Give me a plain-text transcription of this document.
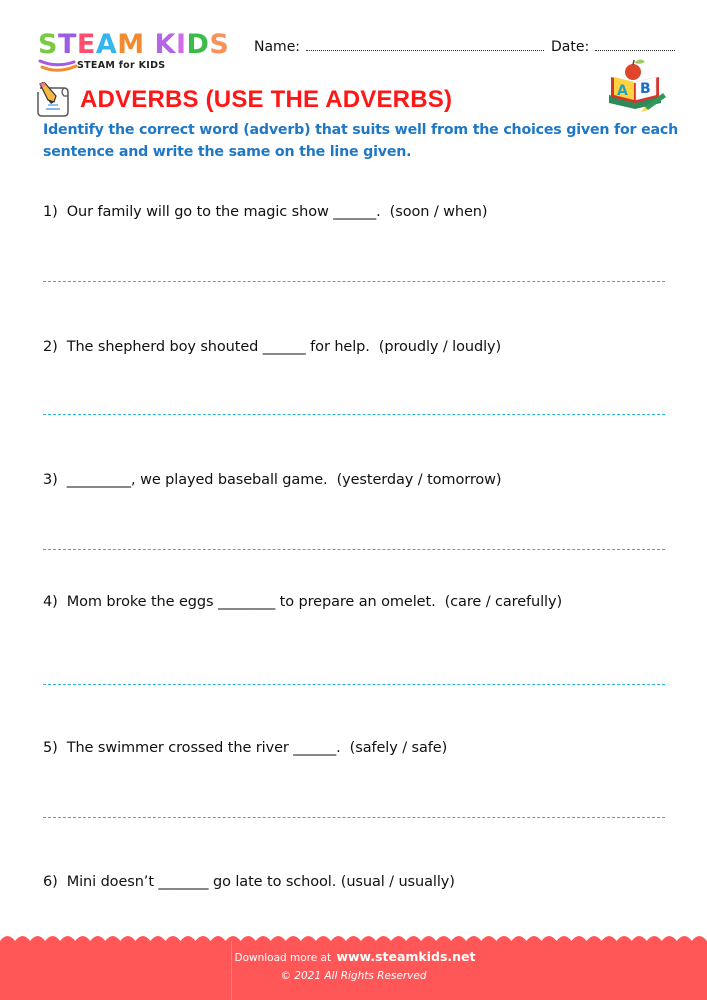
STEAM KIDS
STEAM for KIDS
Name:	Date:
A B
ADVERBS (USE THE ADVERBS)
Identify the correct word (adverb) that suits well from the choices given for each sentence and write the same on the line given.
1)  Our family will go to the magic show ______.  (soon / when)
2)  The shepherd boy shouted ______ for help.  (proudly / loudly)
3)  _________, we played baseball game.  (yesterday / tomorrow)
4)  Mom broke the eggs ________ to prepare an omelet.  (care / carefully)
5)  The swimmer crossed the river ______.  (safely / safe)
6)  Mini doesn’t _______ go late to school. (usual / usually)
Download more at www.steamkids.net
© 2021 All Rights Reserved
